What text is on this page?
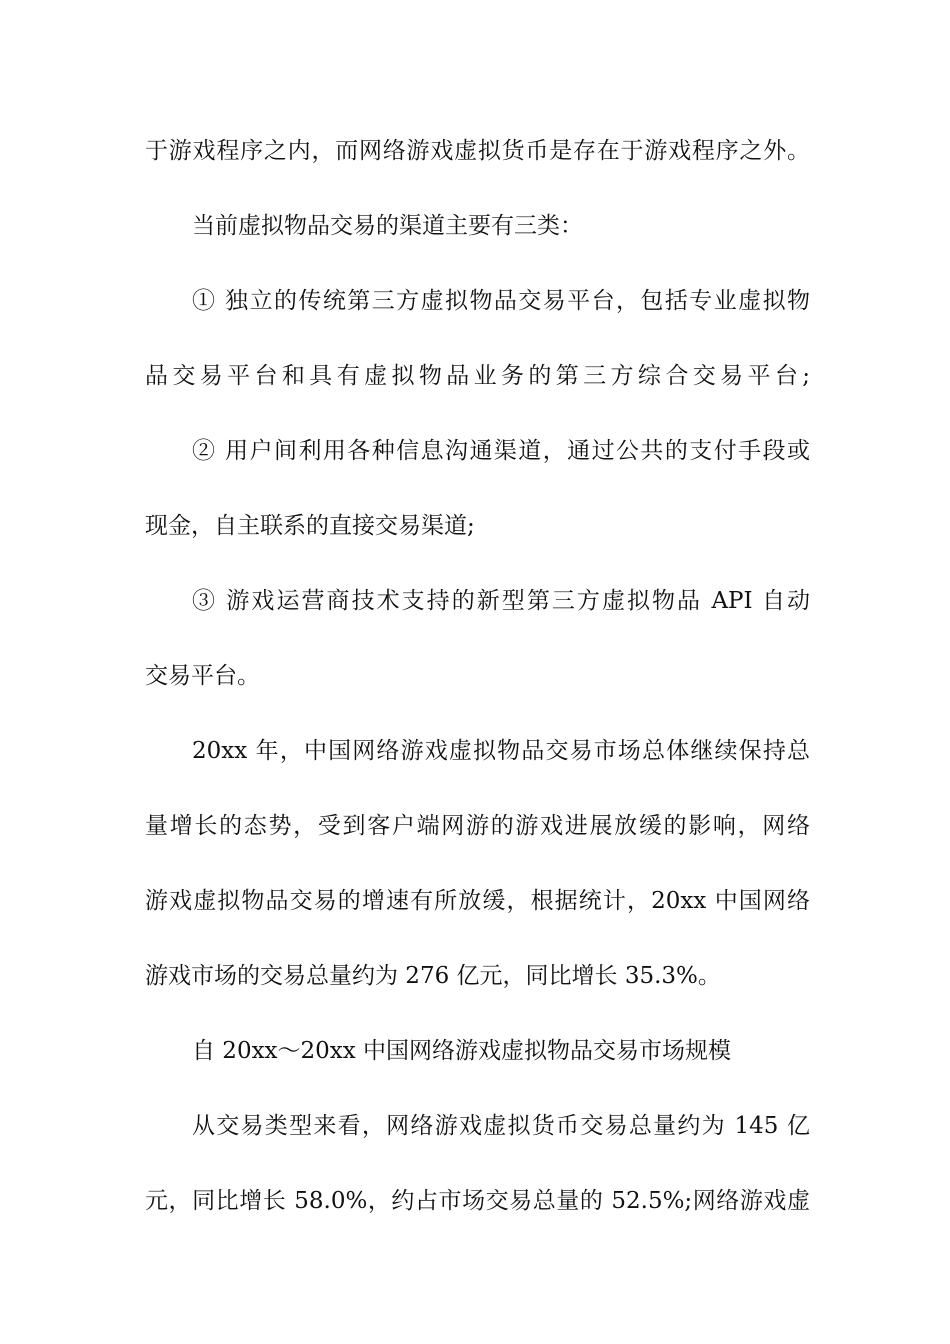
于游戏程序之内，而网络游戏虚拟货币是存在于游戏程序之外。
当前虚拟物品交易的渠道主要有三类：
① 独立的传统第三方虚拟物品交易平台，包括专业虚拟物
品交易平台和具有虚拟物品业务的第三方综合交易平台;
② 用户间利用各种信息沟通渠道，通过公共的支付手段或
现金，自主联系的直接交易渠道;
③ 游戏运营商技术支持的新型第三方虚拟物品 API 自动
交易平台。
20xx 年，中国网络游戏虚拟物品交易市场总体继续保持总
量增长的态势，受到客户端网游的游戏进展放缓的影响，网络
游戏虚拟物品交易的增速有所放缓，根据统计，20xx 中国网络
游戏市场的交易总量约为 276 亿元，同比增长 35.3%。
自 20xx～20xx 中国网络游戏虚拟物品交易市场规模
从交易类型来看，网络游戏虚拟货币交易总量约为 145 亿
元，同比增长 58.0%，约占市场交易总量的 52.5%;网络游戏虚
